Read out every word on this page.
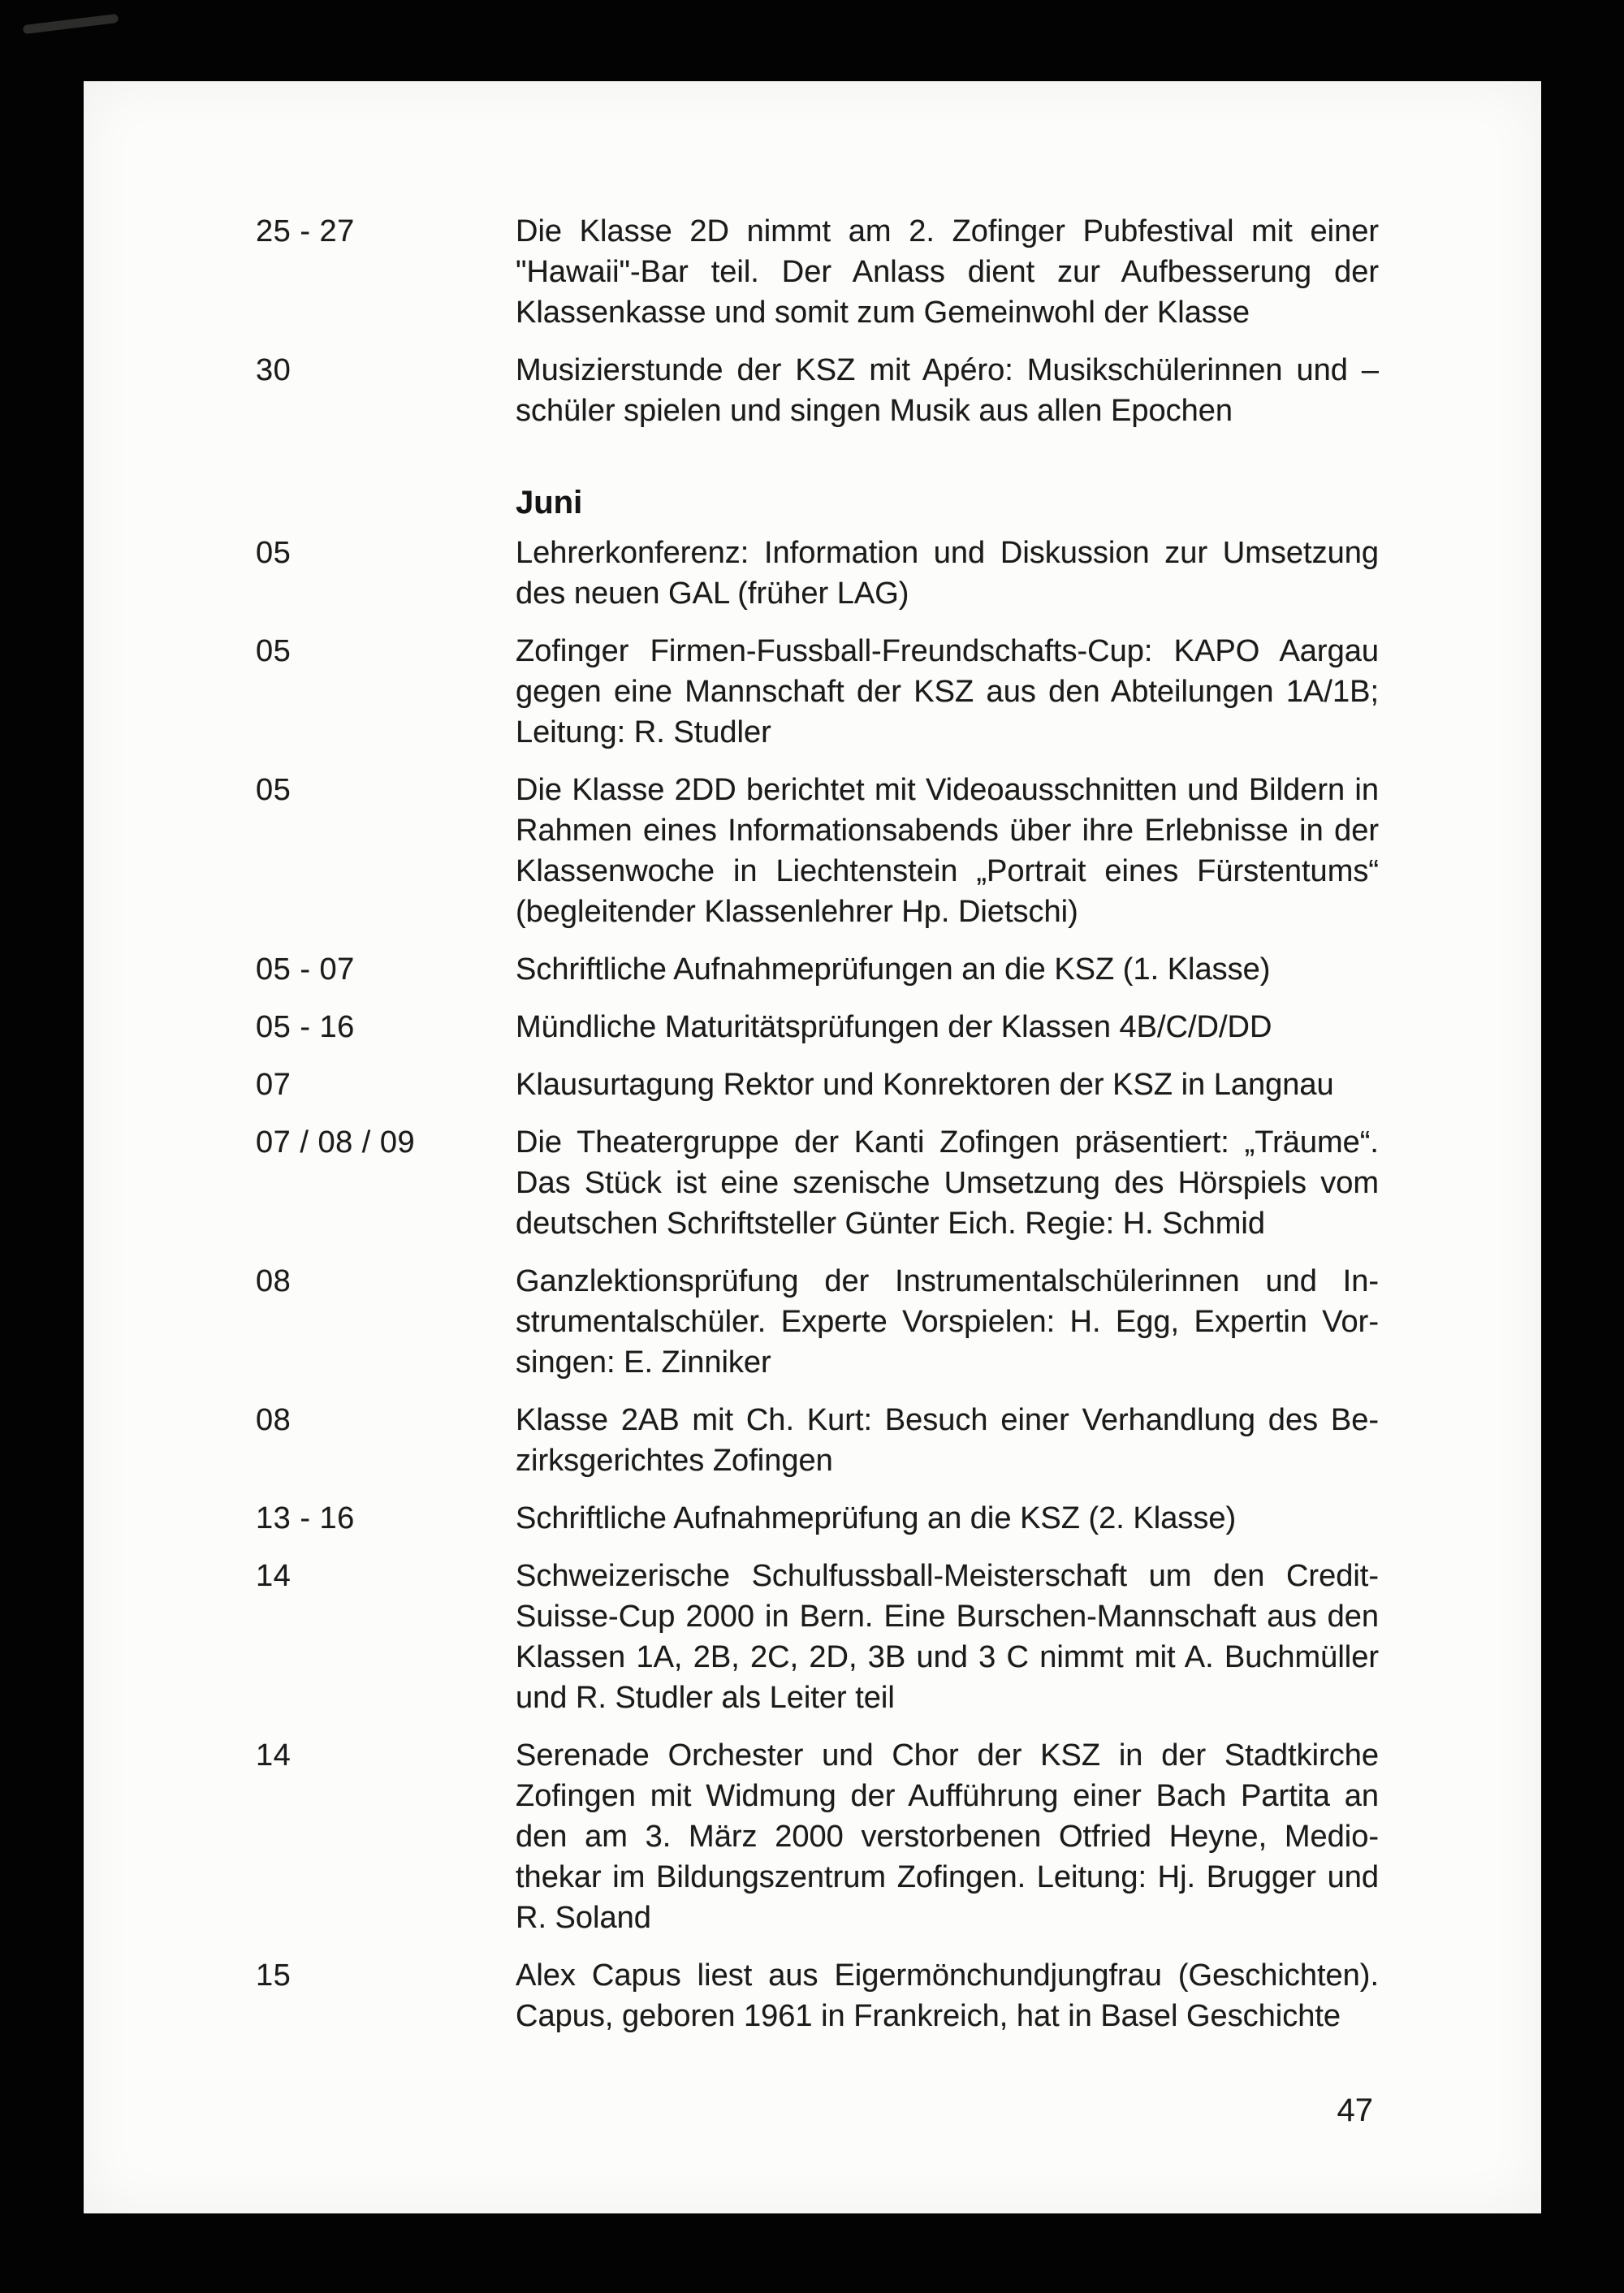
25 - 27	Die Klasse 2D nimmt am 2. Zofinger Pubfestival mit einer "Hawaii"-Bar teil. Der Anlass dient zur Aufbesserung der Klassenkasse und somit zum Gemeinwohl der Klasse
30	Musizierstunde der KSZ mit Apéro: Musikschülerinnen und –schüler spielen und singen Musik aus allen Epochen
Juni
05	Lehrerkonferenz: Information und Diskussion zur Umsetzung des neuen GAL (früher LAG)
05	Zofinger Firmen-Fussball-Freundschafts-Cup: KAPO Aargau gegen eine Mannschaft der KSZ aus den Abteilungen 1A/1B; Leitung: R. Studler
05	Die Klasse 2DD berichtet mit Videoausschnitten und Bildern in Rahmen eines Informationsabends über ihre Erlebnisse in der Klassenwoche in Liechtenstein „Portrait eines Fürstentums“ (begleitender Klassenlehrer Hp. Dietschi)
05 - 07	Schriftliche Aufnahmeprüfungen an die KSZ (1. Klasse)
05 - 16	Mündliche Maturitätsprüfungen der Klassen 4B/C/D/DD
07	Klausurtagung Rektor und Konrektoren der KSZ in Langnau
07 / 08 / 09	Die Theatergruppe der Kanti Zofingen präsentiert: „Träume“. Das Stück ist eine szenische Umsetzung des Hörspiels vom deutschen Schriftsteller Günter Eich. Regie: H. Schmid
08	Ganzlektionsprüfung der Instrumentalschülerinnen und Instrumentalschüler. Experte Vorspielen: H. Egg, Expertin Vorsingen: E. Zinniker
08	Klasse 2AB mit Ch. Kurt: Besuch einer Verhandlung des Bezirksgerichtes Zofingen
13 - 16	Schriftliche Aufnahmeprüfung an die KSZ (2. Klasse)
14	Schweizerische Schulfussball-Meisterschaft um den Credit-Suisse-Cup 2000 in Bern. Eine Burschen-Mannschaft aus den Klassen 1A, 2B, 2C, 2D, 3B und 3 C nimmt mit A. Buchmüller und R. Studler als Leiter teil
14	Serenade Orchester und Chor der KSZ in der Stadtkirche Zofingen mit Widmung der Aufführung einer Bach Partita an den am 3. März 2000 verstorbenen Otfried Heyne, Mediothekar im Bildungszentrum Zofingen. Leitung: Hj. Brugger und R. Soland
15	Alex Capus liest aus Eigermönchundjungfrau (Geschichten). Capus, geboren 1961 in Frankreich, hat in Basel Geschichte
47
